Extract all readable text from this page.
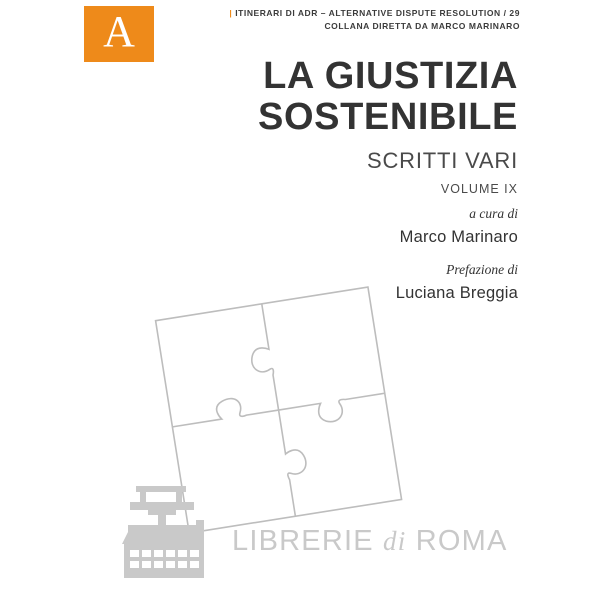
A	| ITINERARI DI ADR – ALTERNATIVE DISPUTE RESOLUTION / 29
COLLANA DIRETTA DA MARCO MARINARO
LA GIUSTIZIA
SOSTENIBILE
SCRITTI VARI
VOLUME IX
a cura di
Marco Marinaro
Prefazione di
Luciana Breggia
LIBRERIE di ROMA
